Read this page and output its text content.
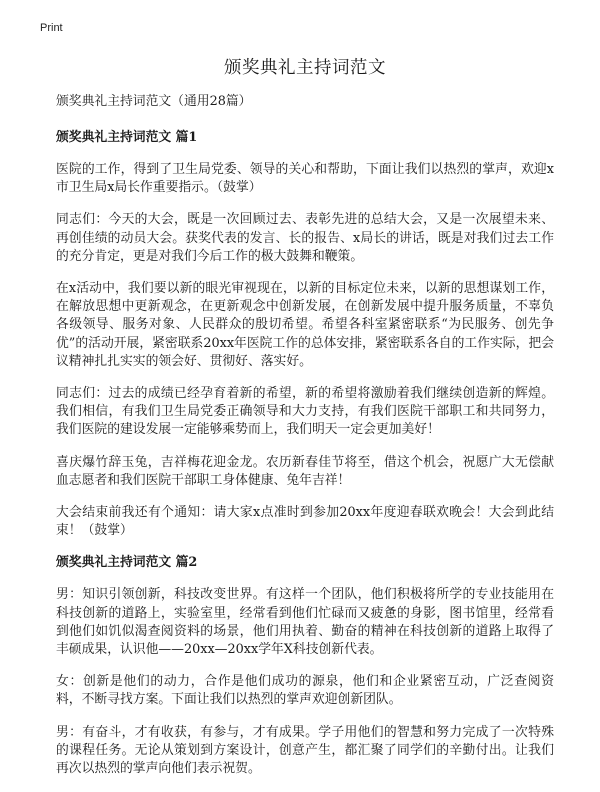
Print
颁奖典礼主持词范文

颁奖典礼主持词范文（通用28篇）

颁奖典礼主持词范文 篇1

医院的工作，得到了卫生局党委、领导的关心和帮助，下面让我们以热烈的掌声，欢迎x市卫生局x局长作重要指示。（鼓掌）

同志们：今天的大会，既是一次回顾过去、表彰先进的总结大会，又是一次展望未来、再创佳绩的动员大会。获奖代表的发言、长的报告、x局长的讲话，既是对我们过去工作的充分肯定，更是对我们今后工作的极大鼓舞和鞭策。

在x活动中，我们要以新的眼光审视现在，以新的目标定位未来，以新的思想谋划工作，在解放思想中更新观念，在更新观念中创新发展，在创新发展中提升服务质量，不辜负各级领导、服务对象、人民群众的殷切希望。希望各科室紧密联系“为民服务、创先争优”的活动开展，紧密联系20xx年医院工作的总体安排，紧密联系各自的工作实际，把会议精神扎扎实实的领会好、贯彻好、落实好。

同志们：过去的成绩已经孕育着新的希望，新的希望将激励着我们继续创造新的辉煌。我们相信，有我们卫生局党委正确领导和大力支持，有我们医院干部职工和共同努力，我们医院的建设发展一定能够乘势而上，我们明天一定会更加美好！

喜庆爆竹辞玉兔，吉祥梅花迎金龙。农历新春佳节将至，借这个机会，祝愿广大无偿献血志愿者和我们医院干部职工身体健康、兔年吉祥！

大会结束前我还有个通知：请大家x点准时到参加20xx年度迎春联欢晚会！大会到此结束！（鼓掌）

颁奖典礼主持词范文 篇2

男：知识引领创新，科技改变世界。有这样一个团队，他们积极将所学的专业技能用在科技创新的道路上，实验室里，经常看到他们忙碌而又疲惫的身影，图书馆里，经常看到他们如饥似渴查阅资料的场景，他们用执着、勤奋的精神在科技创新的道路上取得了丰硕成果，认识他——20xx—20xx学年X科技创新代表。

女：创新是他们的动力，合作是他们成功的源泉，他们和企业紧密互动，广泛查阅资料，不断寻找方案。下面让我们以热烈的掌声欢迎创新团队。

男：有奋斗，才有收获，有参与，才有成果。学子用他们的智慧和努力完成了一次特殊的课程任务。无论从策划到方案设计，创意产生，都汇聚了同学们的辛勤付出。让我们再次以热烈的掌声向他们表示祝贺。
